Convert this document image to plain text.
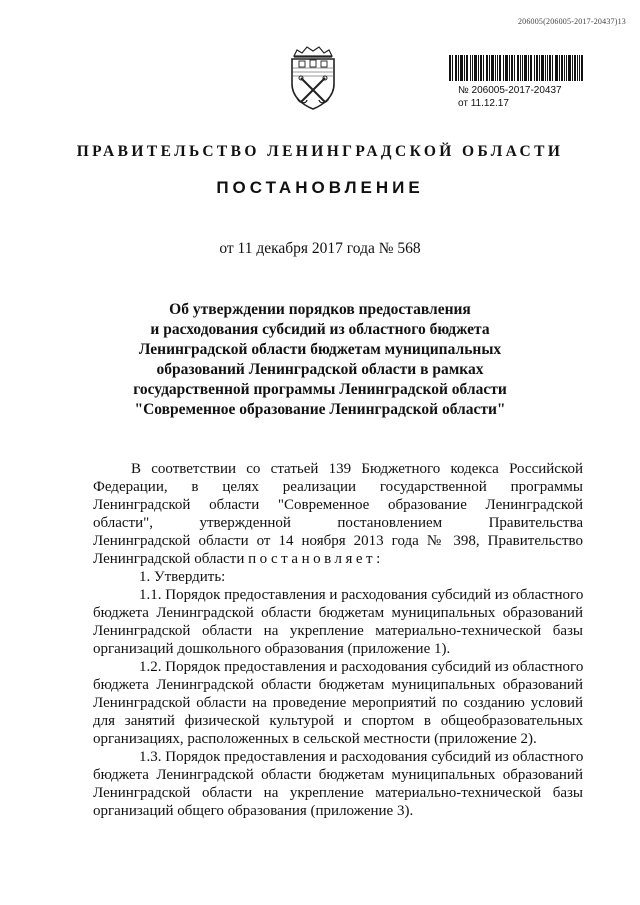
206005(206005-2017-20437)13
№ 206005-2017-20437
от 11.12.17
ПРАВИТЕЛЬСТВО ЛЕНИНГРАДСКОЙ ОБЛАСТИ
ПОСТАНОВЛЕНИЕ
от 11 декабря 2017 года № 568
Об утверждении порядков предоставления
и расходования субсидий из областного бюджета
Ленинградской области бюджетам муниципальных
образований Ленинградской области в рамках
государственной программы Ленинградской области
"Современное образование Ленинградской области"

В соответствии со статьей 139 Бюджетного кодекса Российской
Федерации, в целях реализации государственной программы
Ленинградской области "Современное образование Ленинградской
области", утвержденной постановлением Правительства
Ленинградской области от 14 ноября 2013 года № 398, Правительство
Ленинградской области постановляет:

1. Утвердить:

1.1. Порядок предоставления и расходования субсидий из областного
бюджета Ленинградской области бюджетам муниципальных образований
Ленинградской области на укрепление материально-технической базы
организаций дошкольного образования (приложение 1).

1.2. Порядок предоставления и расходования субсидий из областного
бюджета Ленинградской области бюджетам муниципальных образований
Ленинградской области на проведение мероприятий по созданию условий
для занятий физической культурой и спортом в общеобразовательных
организациях, расположенных в сельской местности (приложение 2).

1.3. Порядок предоставления и расходования субсидий из областного
бюджета Ленинградской области бюджетам муниципальных образований
Ленинградской области на укрепление материально-технической базы
организаций общего образования (приложение 3).
